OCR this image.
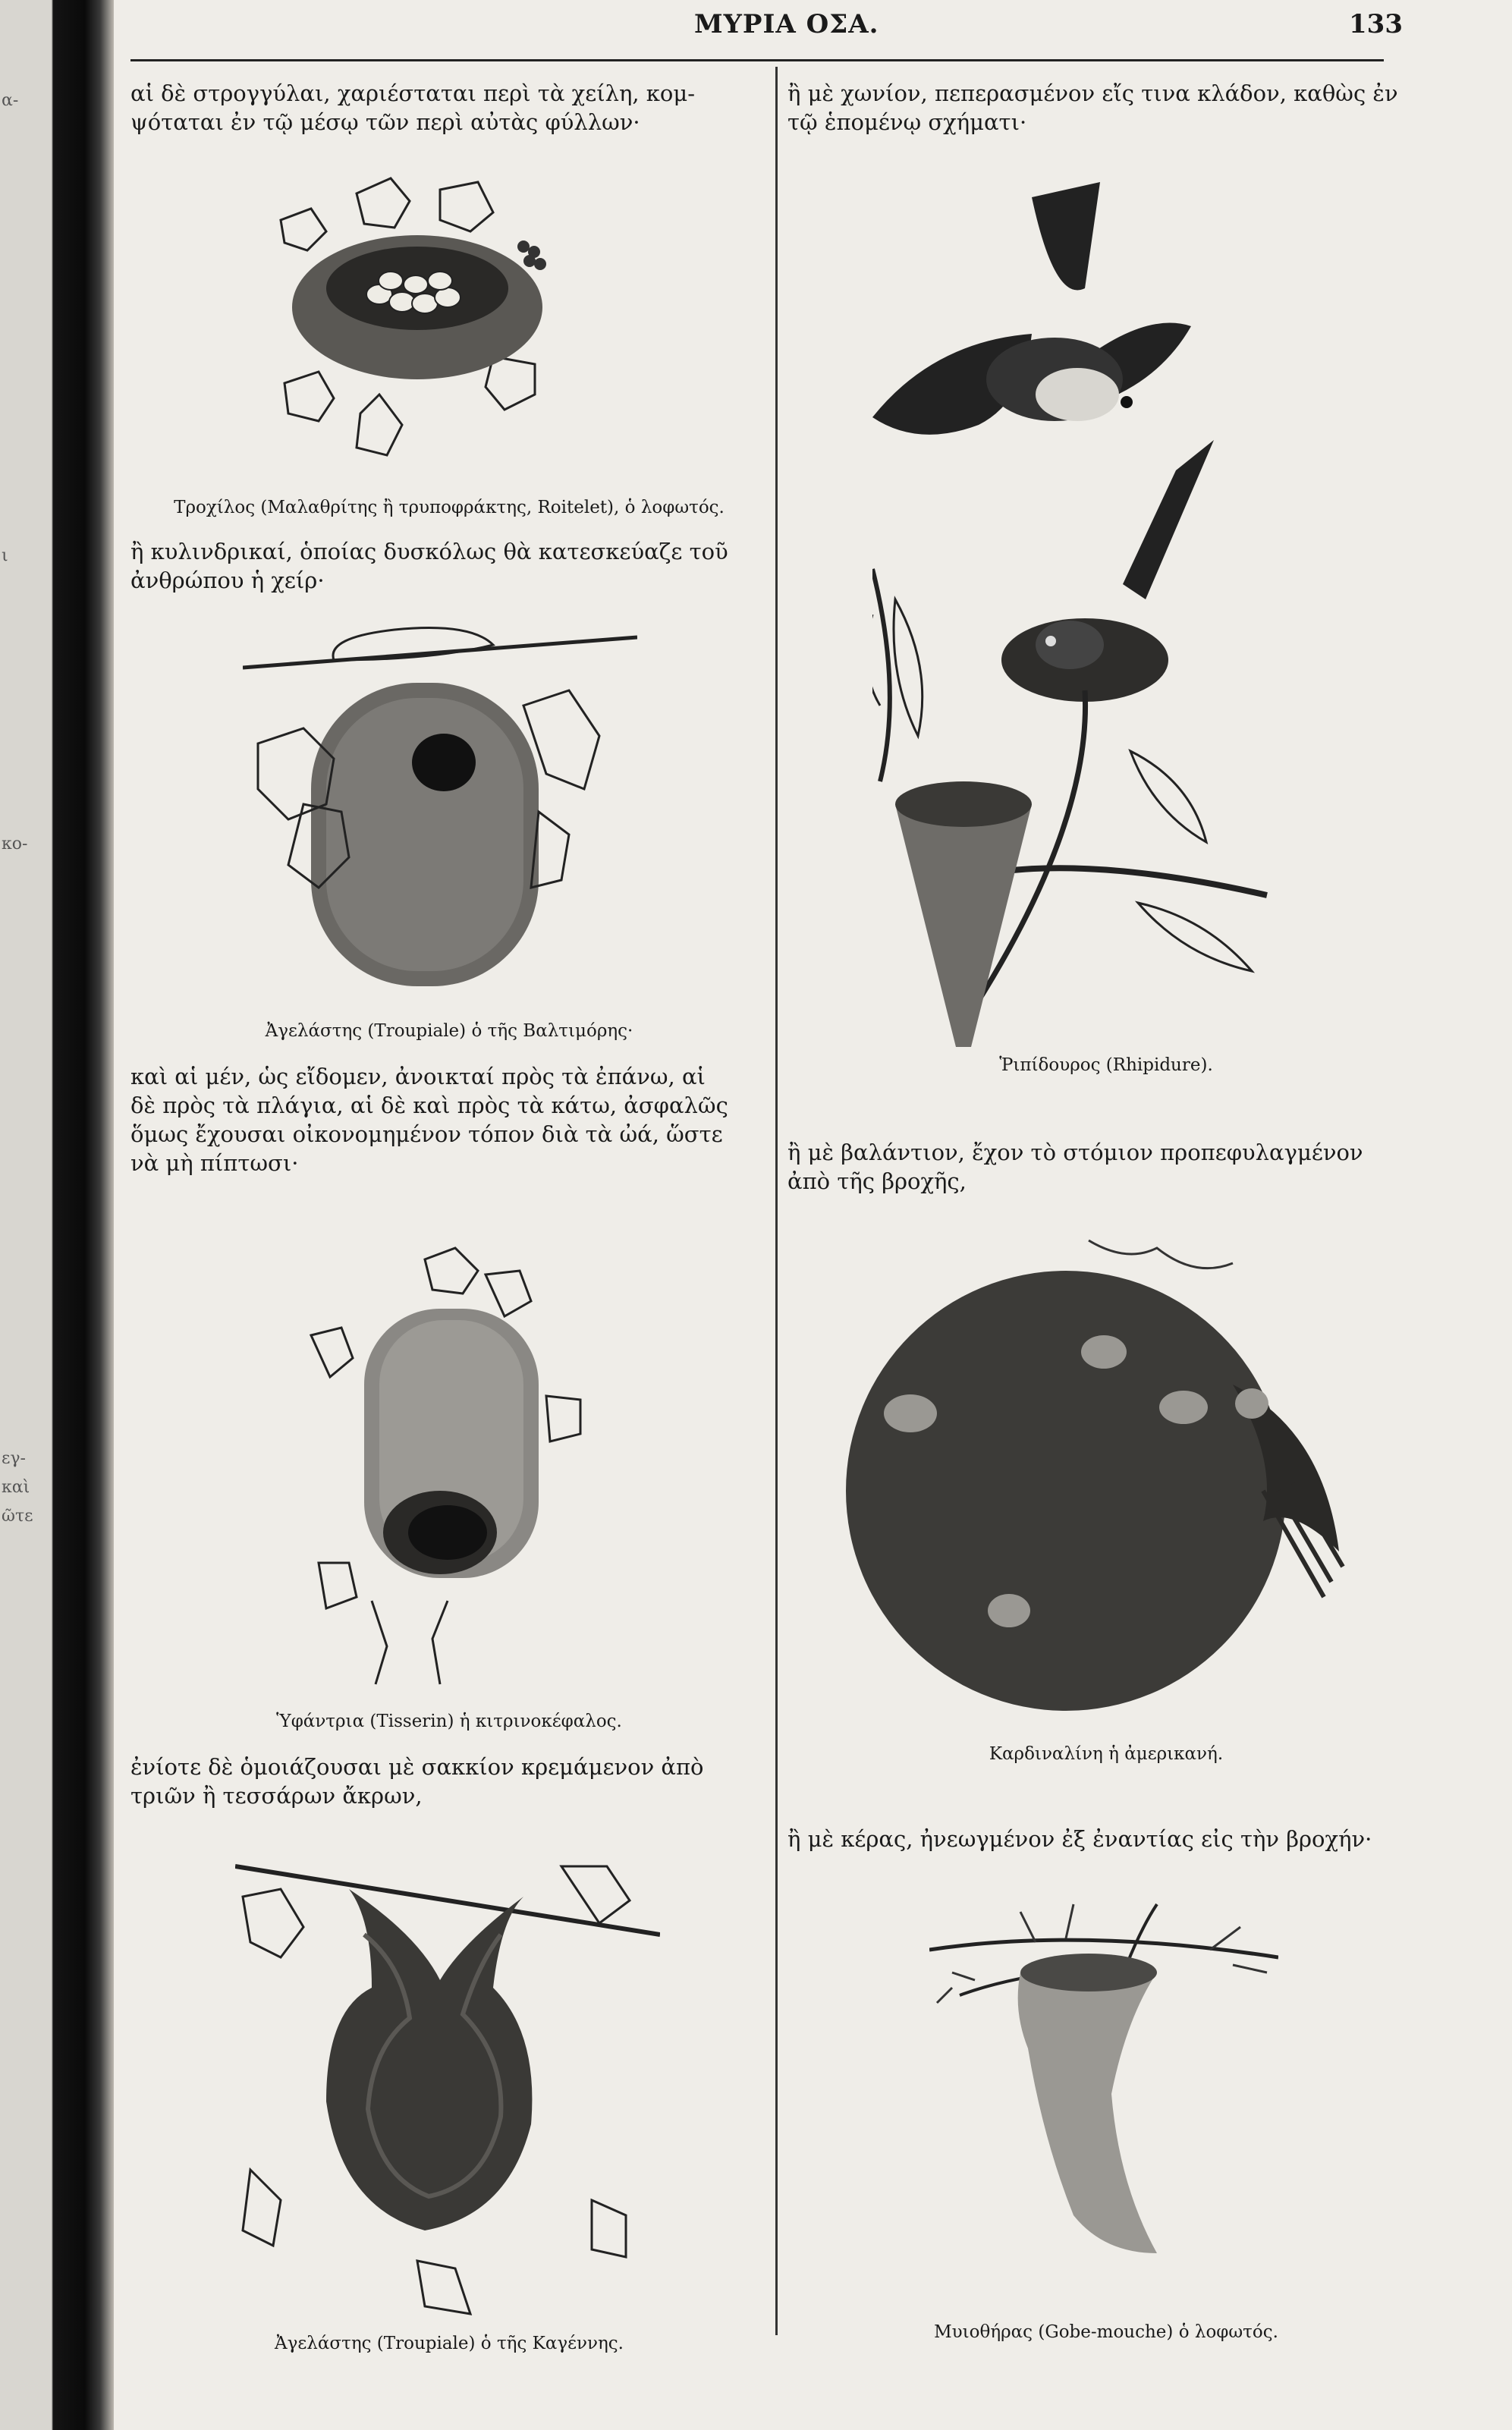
α-
ι
κο-
εγ-
καὶ
ῶτε
ΜΥΡΙΑ ΟΣΑ.	133
αἱ δὲ στρογγύλαι, χαριέσταται περὶ τὰ χείλη, κομ-
ψόταται ἐν τῷ μέσῳ τῶν περὶ αὐτὰς φύλλων·
Τροχίλος (Μαλαθρίτης ἢ τρυποφράκτης, Roitelet), ὁ λοφωτός.
ἢ κυλινδρικαί, ὁποίας δυσκόλως θὰ κατεσκεύαζε τοῦ
ἀνθρώπου ἡ χείρ·
Ἀγελάστης (Troupiale) ὁ τῆς Βαλτιμόρης·
καὶ αἱ μέν, ὡς εἴδομεν, ἀνοικταί πρὸς τὰ ἐπάνω, αἱ
δὲ πρὸς τὰ πλάγια, αἱ δὲ καὶ πρὸς τὰ κάτω, ἀσφαλῶς
ὅμως ἔχουσαι οἰκονομημένον τόπον διὰ τὰ ὠά, ὥστε
νὰ μὴ πίπτωσι·
Ὑφάντρια (Tisserin) ἡ κιτρινοκέφαλος.
ἐνίοτε δὲ ὁμοιάζουσαι μὲ σακκίον κρεμάμενον ἀπὸ
τριῶν ἢ τεσσάρων ἄκρων,
Ἀγελάστης (Troupiale) ὁ τῆς Καγέννης.
ἢ μὲ χωνίον, πεπερασμένον εἴς τινα κλάδον, καθὼς ἐν
τῷ ἑπομένῳ σχήματι·
Ῥιπίδουρος (Rhipidure).
ἢ μὲ βαλάντιον, ἔχον τὸ στόμιον προπεφυλαγμένον
ἀπὸ τῆς βροχῆς,
Καρδιναλίνη ἡ ἀμερικανή.
ἢ μὲ κέρας, ἠνεωγμένον ἐξ ἐναντίας εἰς τὴν βροχήν·
Μυιοθήρας (Gobe-mouche) ὁ λοφωτός.
